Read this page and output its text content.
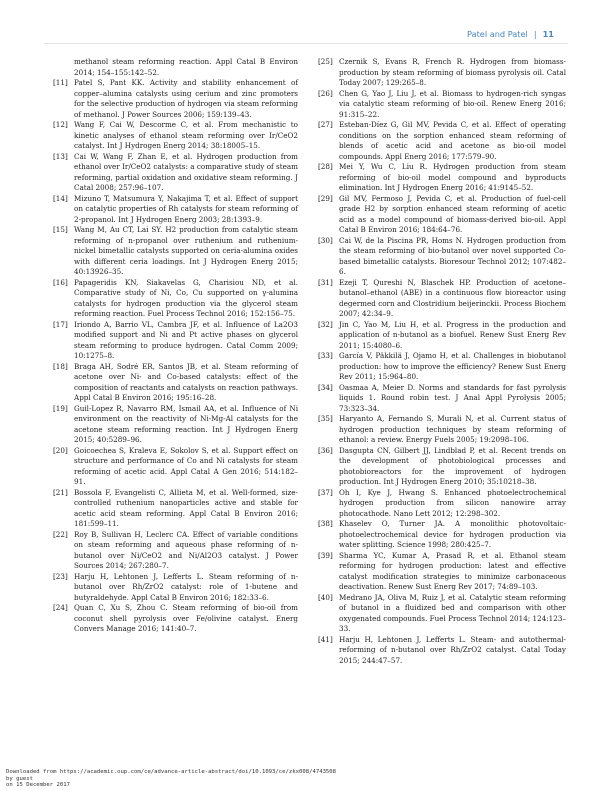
Patel and Patel | 11
methanol steam reforming reaction. Appl Catal B Environ 2014; 154–155:142–52.
[11] Patel S, Pant KK. Activity and stability enhancement of copper–alumina catalysts using cerium and zinc promoters for the selective production of hydrogen via steam reforming of methanol. J Power Sources 2006; 159:139–43.
[12] Wang F, Cai W, Descorme C, et al. From mechanistic to kinetic analyses of ethanol steam reforming over Ir/CeO2 catalyst. Int J Hydrogen Energ 2014; 38:18005–15.
[13] Cai W, Wang F, Zhan E, et al. Hydrogen production from ethanol over Ir/CeO2 catalysts: a comparative study of steam reforming, partial oxidation and oxidative steam reforming. J Catal 2008; 257:96–107.
[14] Mizuno T, Matsumura Y, Nakajima T, et al. Effect of support on catalytic properties of Rh catalysts for steam reforming of 2-propanol. Int J Hydrogen Energ 2003; 28:1393–9.
[15] Wang M, Au CT, Lai SY. H2 production from catalytic steam reforming of n-propanol over ruthenium and ruthenium-nickel bimetallic catalysts supported on ceria-alumina oxides with different ceria loadings. Int J Hydrogen Energ 2015; 40:13926–35.
[16] Papageridis KN, Siakavelas G, Charisiou ND, et al. Comparative study of Ni, Co, Cu supported on γ-alumina catalysts for hydrogen production via the glycerol steam reforming reaction. Fuel Process Technol 2016; 152:156–75.
[17] Iriondo A, Barrio VL, Cambra JF, et al. Influence of La2O3 modified support and Ni and Pt active phases on glycerol steam reforming to produce hydrogen. Catal Comm 2009; 10:1275–8.
[18] Braga AH, Sodré ER, Santos JB, et al. Steam reforming of acetone over Ni- and Co-based catalysts: effect of the composition of reactants and catalysts on reaction pathways. Appl Catal B Environ 2016; 195:16–28.
[19] Guil-Lopez R, Navarro RM, Ismail AA, et al. Influence of Ni environment on the reactivity of Ni-Mg-Al catalysts for the acetone steam reforming reaction. Int J Hydrogen Energ 2015; 40:5289–96.
[20] Goicoechea S, Kraleva E, Sokolov S, et al. Support effect on structure and performance of Co and Ni catalysts for steam reforming of acetic acid. Appl Catal A Gen 2016; 514:182–91.
[21] Bossola F, Evangelisti C, Allieta M, et al. Well-formed, size-controlled ruthenium nanoparticles active and stable for acetic acid steam reforming. Appl Catal B Environ 2016; 181:599–11.
[22] Roy B, Sullivan H, Leclerc CA. Effect of variable conditions on steam reforming and aqueous phase reforming of n-butanol over Ni/CeO2 and Ni/Al2O3 catalyst. J Power Sources 2014; 267:280–7.
[23] Harju H, Lehtonen J, Lefferts L. Steam reforming of n-butanol over Rh/ZrO2 catalyst: role of 1-butene and butyraldehyde. Appl Catal B Environ 2016; 182:33–6.
[24] Quan C, Xu S, Zhou C. Steam reforming of bio-oil from coconut shell pyrolysis over Fe/olivine catalyst. Energ Convers Manage 2016; 141:40–7.
[25] Czernik S, Evans R, French R. Hydrogen from biomass-production by steam reforming of biomass pyrolysis oil. Catal Today 2007; 129:265–8.
[26] Chen G, Yao J, Liu J, et al. Biomass to hydrogen-rich syngas via catalytic steam reforming of bio-oil. Renew Energ 2016; 91:315–22.
[27] Esteban-Díez G, Gil MV, Pevida C, et al. Effect of operating conditions on the sorption enhanced steam reforming of blends of acetic acid and acetone as bio-oil model compounds. Appl Energ 2016; 177:579–90.
[28] Mei Y, Wu C, Liu R. Hydrogen production from steam reforming of bio-oil model compound and byproducts elimination. Int J Hydrogen Energ 2016; 41:9145–52.
[29] Gil MV, Fermoso J, Pevida C, et al. Production of fuel-cell grade H2 by sorption enhanced steam reforming of acetic acid as a model compound of biomass-derived bio-oil. Appl Catal B Environ 2016; 184:64–76.
[30] Cai W, de la Piscina PR, Homs N. Hydrogen production from the steam reforming of bio-butanol over novel supported Co-based bimetallic catalysts. Bioresour Technol 2012; 107:482–6.
[31] Ezeji T, Qureshi N, Blaschek HP. Production of acetone–butanol–ethanol (ABE) in a continuous flow bioreactor using degermed corn and Clostridium beijerinckii. Process Biochem 2007; 42:34–9.
[32] Jin C, Yao M, Liu H, et al. Progress in the production and application of n-butanol as a biofuel. Renew Sust Energ Rev 2011; 15:4080–6.
[33] García V, Päkkilä J, Ojamo H, et al. Challenges in biobutanol production: how to improve the efficiency? Renew Sust Energ Rev 2011; 15:964–80.
[34] Oasmaa A, Meier D. Norms and standards for fast pyrolysis liquids 1. Round robin test. J Anal Appl Pyrolysis 2005; 73:323–34.
[35] Haryanto A, Fernando S, Murali N, et al. Current status of hydrogen production techniques by steam reforming of ethanol: a review. Energy Fuels 2005; 19:2098–106.
[36] Dasgupta CN, Gilbert JJ, Lindblad P, et al. Recent trends on the development of photobiological processes and photobioreactors for the improvement of hydrogen production. Int J Hydrogen Energ 2010; 35:10218–38.
[37] Oh I, Kye J, Hwang S. Enhanced photoelectrochemical hydrogen production from silicon nanowire array photocathode. Nano Lett 2012; 12:298–302.
[38] Khaselev O, Turner JA. A monolithic photovoltaic-photoelectrochemical device for hydrogen production via water splitting. Science 1998; 280:425–7.
[39] Sharma YC, Kumar A, Prasad R, et al. Ethanol steam reforming for hydrogen production: latest and effective catalyst modification strategies to minimize carbonaceous deactivation. Renew Sust Energ Rev 2017; 74:89–103.
[40] Medrano JA, Oliva M, Ruiz J, et al. Catalytic steam reforming of butanol in a fluidized bed and comparison with other oxygenated compounds. Fuel Process Technol 2014; 124:123–33.
[41] Harju H, Lehtonen J, Lefferts L. Steam- and autothermal-reforming of n-butanol over Rh/ZrO2 catalyst. Catal Today 2015; 244:47–57.
Downloaded from https://academic.oup.com/ce/advance-article-abstract/doi/10.1093/ce/zkx008/4743508
by guest
on 15 December 2017
